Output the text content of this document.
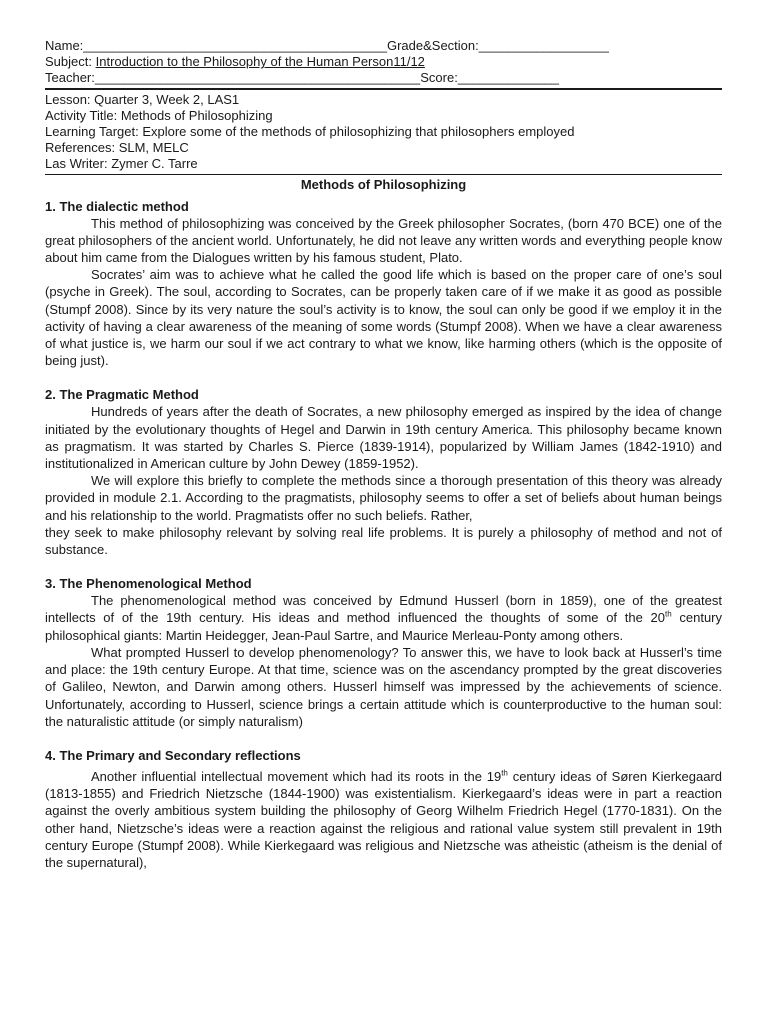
Name:__________________________________________Grade&Section:__________________
Subject: Introduction to the Philosophy of the Human Person11/12
Teacher:_____________________________________________Score:______________
Lesson: Quarter 3, Week 2, LAS1
Activity Title: Methods of Philosophizing
Learning Target: Explore some of the methods of philosophizing that philosophers employed
References: SLM, MELC
Las Writer: Zymer C. Tarre
Methods of Philosophizing
1. The dialectic method

This method of philosophizing was conceived by the Greek philosopher Socrates, (born 470 BCE) one of the great philosophers of the ancient world. Unfortunately, he did not leave any written words and everything people know about him came from the Dialogues written by his famous student, Plato.

Socrates’ aim was to achieve what he called the good life which is based on the proper care of one’s soul (psyche in Greek). The soul, according to Socrates, can be properly taken care of if we make it as good as possible (Stumpf 2008). Since by its very nature the soul’s activity is to know, the soul can only be good if we employ it in the activity of having a clear awareness of the meaning of some words (Stumpf 2008). When we have a clear awareness of what justice is, we harm our soul if we act contrary to what we know, like harming others (which is the opposite of being just).

2. The Pragmatic Method

Hundreds of years after the death of Socrates, a new philosophy emerged as inspired by the idea of change initiated by the evolutionary thoughts of Hegel and Darwin in 19th century America. This philosophy became known as pragmatism. It was started by Charles S. Pierce (1839-1914), popularized by William James (1842-1910) and institutionalized in American culture by John Dewey (1859-1952).

We will explore this briefly to complete the methods since a thorough presentation of this theory was already provided in module 2.1. According to the pragmatists, philosophy seems to offer a set of beliefs about human beings and his relationship to the world. Pragmatists offer no such beliefs. Rather,

they seek to make philosophy relevant by solving real life problems. It is purely a philosophy of method and not of substance.

3. The Phenomenological Method

The phenomenological method was conceived by Edmund Husserl (born in 1859), one of the greatest intellects of of the 19th century. His ideas and method influenced the thoughts of some of the 20th century philosophical giants: Martin Heidegger, Jean-Paul Sartre, and Maurice Merleau-Ponty among others.

What prompted Husserl to develop phenomenology? To answer this, we have to look back at Husserl’s time and place: the 19th century Europe. At that time, science was on the ascendancy prompted by the great discoveries of Galileo, Newton, and Darwin among others. Husserl himself was impressed by the achievements of science. Unfortunately, according to Husserl, science brings a certain attitude which is counterproductive to the human soul: the naturalistic attitude (or simply naturalism)

4. The Primary and Secondary reflections

Another influential intellectual movement which had its roots in the 19th century ideas of Søren Kierkegaard (1813-1855) and Friedrich Nietzsche (1844-1900) was existentialism. Kierkegaard’s ideas were in part a reaction against the overly ambitious system building the philosophy of Georg Wilhelm Friedrich Hegel (1770-1831). On the other hand, Nietzsche’s ideas were a reaction against the religious and rational value system still prevalent in 19th century Europe (Stumpf 2008). While Kierkegaard was religious and Nietzsche was atheistic (atheism is the denial of the supernatural),
